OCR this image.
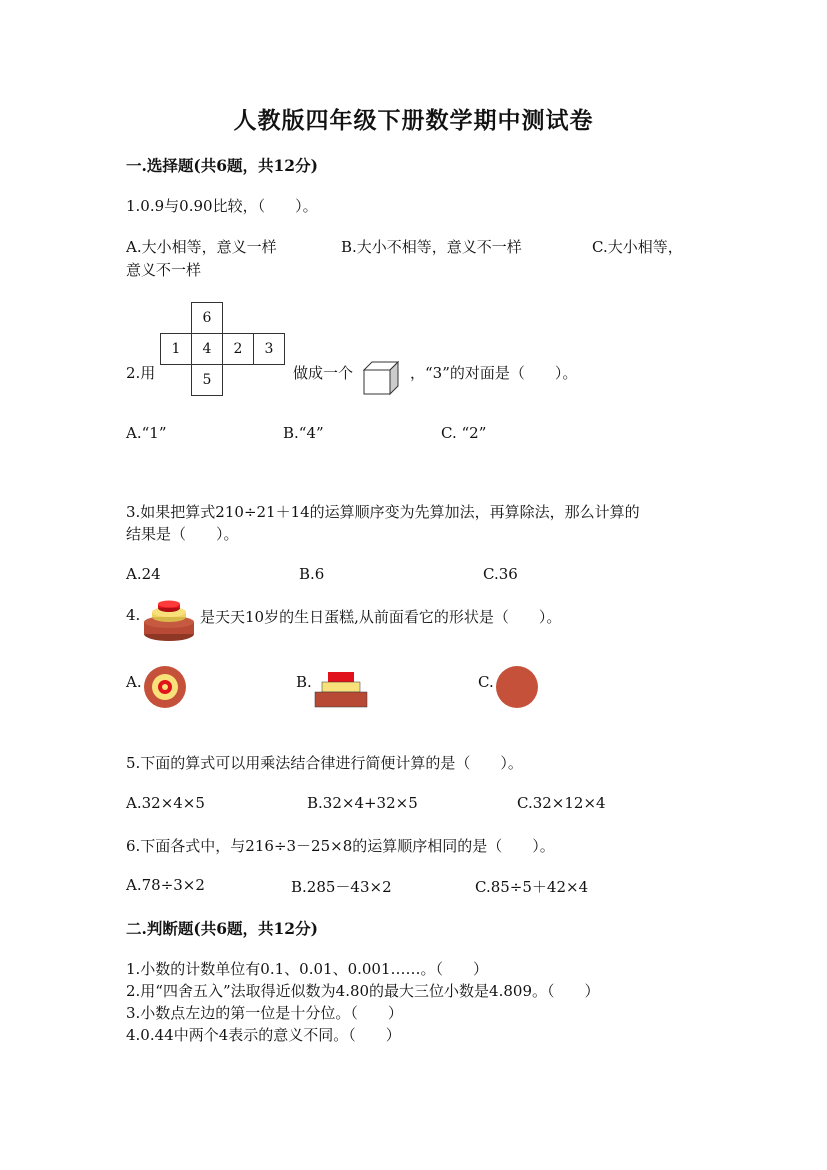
人教版四年级下册数学期中测试卷
一.选择题(共6题，共12分)
1.0.9与0.90比较，（　　）。
A.大小相等，意义一样	B.大小不相等，意义不一样	C.大小相等，
意义不一样
	6		
1	4	2	3
	5		
2.用	做成一个	，“3”的对面是（　　）。
A.“1”	B.“4”	C. “2”
3.如果把算式210÷21＋14的运算顺序变为先算加法，再算除法，那么计算的
结果是（　　）。
A.24	B.6	C.36
4.	是天天10岁的生日蛋糕,从前面看它的形状是（　　）。
A.	B.	C.
5.下面的算式可以用乘法结合律进行简便计算的是（　　）。
A.32×4×5	B.32×4+32×5	C.32×12×4
6.下面各式中，与216÷3－25×8的运算顺序相同的是（　　）。
A.78÷3×2	B.285－43×2	C.85÷5＋42×4
二.判断题(共6题，共12分)
1.小数的计数单位有0.1、0.01、0.001……。（　　）
2.用“四舍五入”法取得近似数为4.80的最大三位小数是4.809。（　　）
3.小数点左边的第一位是十分位。（　　）
4.0.44中两个4表示的意义不同。（　　）
